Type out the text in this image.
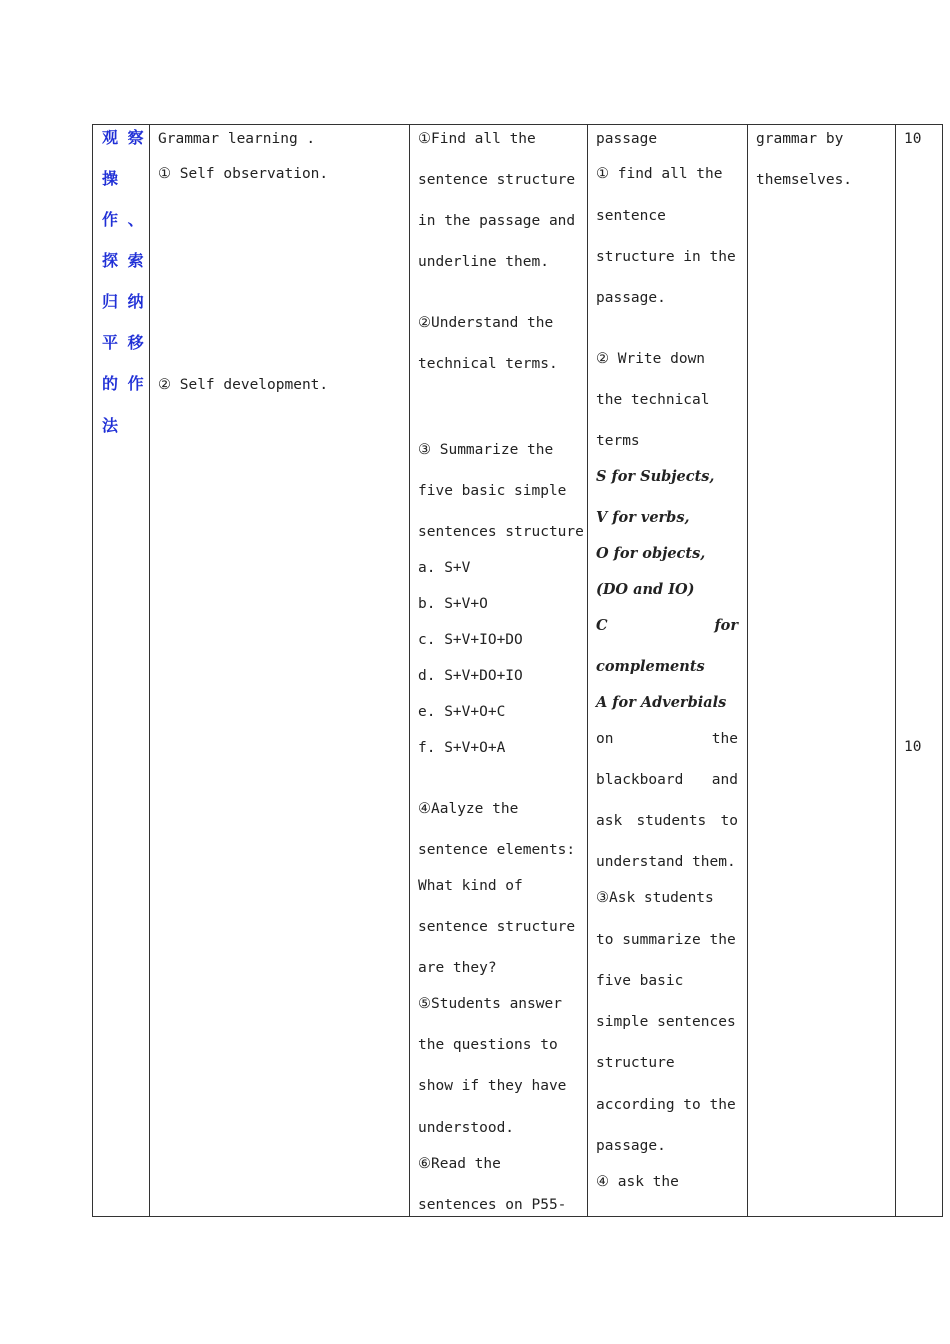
观 察
操
作 、
探 索
归 纳
平 移
的 作
法
Grammar learning .
① Self observation.
② Self development.
①Find all the
sentence structure
in the passage and
underline them.
②Understand the
technical terms.
③ Summarize the
five basic simple
sentences structure
a. S+V
b. S+V+O
c. S+V+IO+DO
d. S+V+DO+IO
e. S+V+O+C
f. S+V+O+A
④Aalyze the
sentence elements:
What kind of
sentence structure
are they?
⑤Students answer
the questions to
show if they have
understood.
⑥Read the
sentences on P55-
passage
① find all the
sentence
structure in the
passage.
② Write down
the technical
terms
S for Subjects,
V for verbs,
O for objects,
(DO and IO)
C	for
complements
A for Adverbials
on	the
blackboard and
ask students to
understand them.
③Ask students
to summarize the
five basic
simple sentences
structure
according to the
passage.
④ ask the
grammar by
themselves.
10
10
